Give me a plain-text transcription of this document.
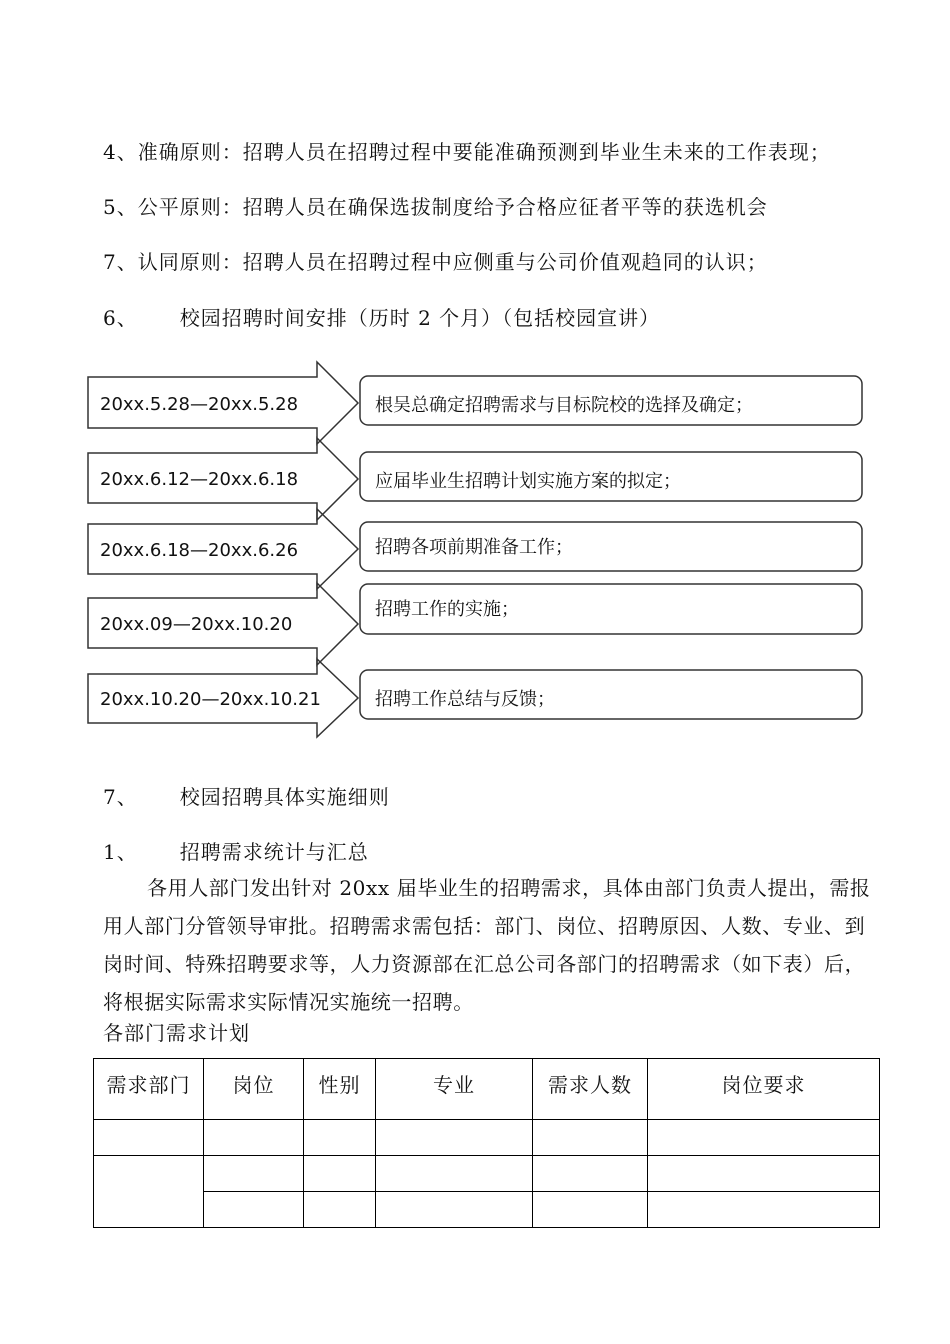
4、准确原则：招聘人员在招聘过程中要能准确预测到毕业生未来的工作表现；
5、公平原则：招聘人员在确保选拔制度给予合格应征者平等的获选机会
7、认同原则：招聘人员在招聘过程中应侧重与公司价值观趋同的认识；
6、 校园招聘时间安排（历时 2 个月）（包括校园宣讲）
20xx.5.28—20xx.5.28
20xx.6.12—20xx.6.18
20xx.6.18—20xx.6.26
20xx.09—20xx.10.20
20xx.10.20—20xx.10.21
根吴总确定招聘需求与目标院校的选择及确定；
应届毕业生招聘计划实施方案的拟定；
招聘各项前期准备工作；
招聘工作的实施；
招聘工作总结与反馈；
7、 校园招聘具体实施细则
1、 招聘需求统计与汇总
各用人部门发出针对 20xx 届毕业生的招聘需求，具体由部门负责人提出，需报用人部门分管领导审批。招聘需求需包括：部门、岗位、招聘原因、人数、专业、到岗时间、特殊招聘要求等，人力资源部在汇总公司各部门的招聘需求（如下表）后，将根据实际需求实际情况实施统一招聘。
各部门需求计划
需求部门	岗位	性别	专业	需求人数	岗位要求
